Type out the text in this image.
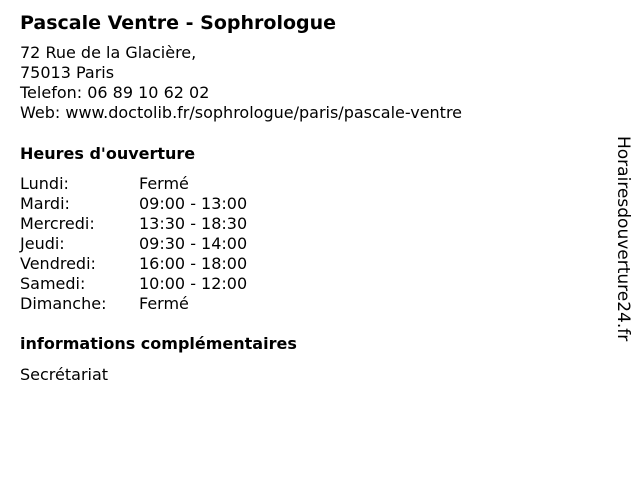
Pascale Ventre - Sophrologue
72 Rue de la Glacière,
75013 Paris
Telefon: 06 89 10 62 02
Web: www.doctolib.fr/sophrologue/paris/pascale-ventre
Heures d'ouverture
Lundi:	Fermé
Mardi:	09:00 - 13:00
Mercredi:	13:30 - 18:30
Jeudi:	09:30 - 14:00
Vendredi:	16:00 - 18:00
Samedi:	10:00 - 12:00
Dimanche:	Fermé
informations complémentaires
Secrétariat
Horairesdouverture24.fr
